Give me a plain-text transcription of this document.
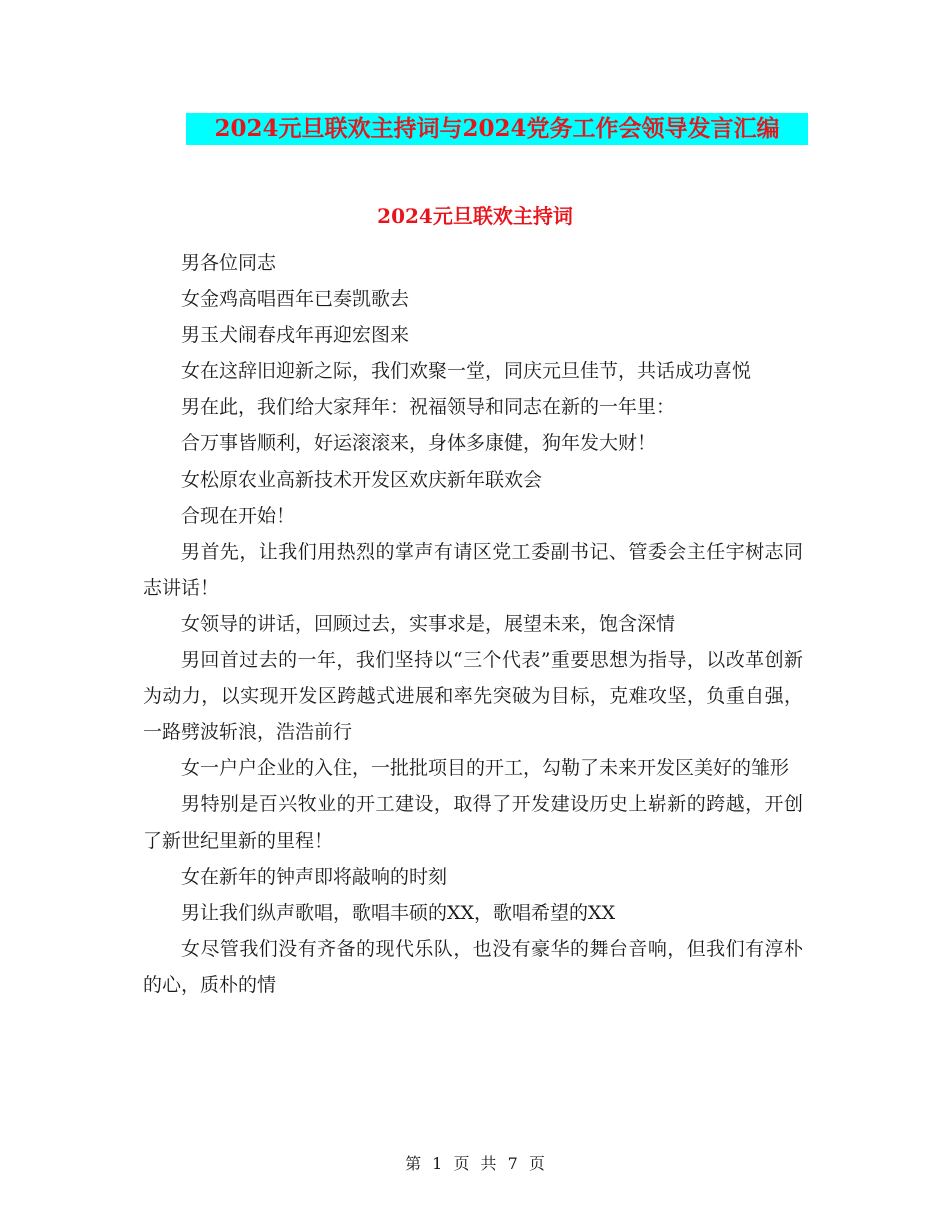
2024元旦联欢主持词与2024党务工作会领导发言汇编
2024元旦联欢主持词

男各位同志

女金鸡高唱酉年已奏凯歌去

男玉犬闹春戌年再迎宏图来

女在这辞旧迎新之际，我们欢聚一堂，同庆元旦佳节，共话成功喜悦

男在此，我们给大家拜年：祝福领导和同志在新的一年里：

合万事皆顺利，好运滚滚来，身体多康健，狗年发大财！

女松原农业高新技术开发区欢庆新年联欢会

合现在开始！

男首先，让我们用热烈的掌声有请区党工委副书记、管委会主任宇树志同志讲话！

女领导的讲话，回顾过去，实事求是，展望未来，饱含深情

男回首过去的一年，我们坚持以“三个代表”重要思想为指导，以改革创新为动力，以实现开发区跨越式进展和率先突破为目标，克难攻坚，负重自强，一路劈波斩浪，浩浩前行

女一户户企业的入住，一批批项目的开工，勾勒了未来开发区美好的雏形

男特别是百兴牧业的开工建设，取得了开发建设历史上崭新的跨越，开创了新世纪里新的里程！

女在新年的钟声即将敲响的时刻

男让我们纵声歌唱，歌唱丰硕的XX，歌唱希望的XX

女尽管我们没有齐备的现代乐队，也没有豪华的舞台音响，但我们有淳朴的心，质朴的情

第 1 页 共 7 页
